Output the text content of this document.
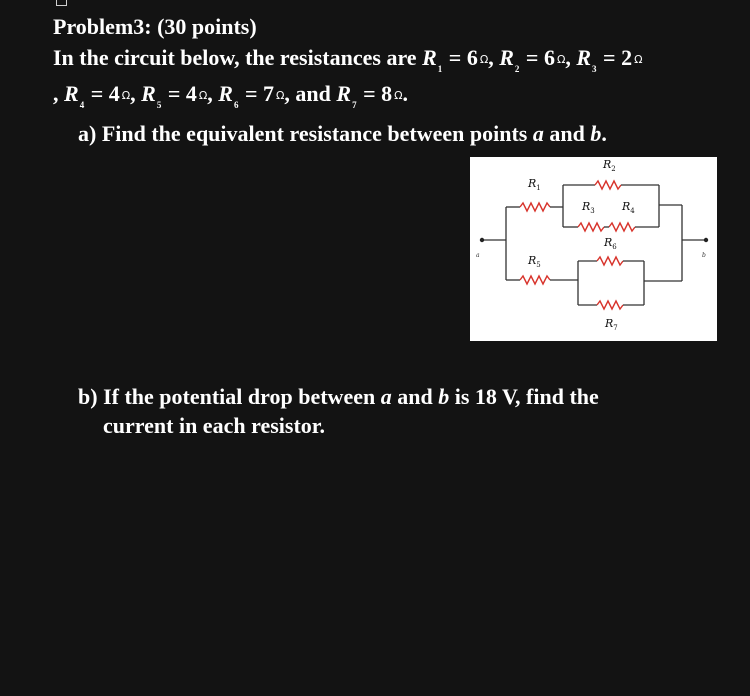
Problem3: (30 points)
In the circuit below, the resistances are $R_1 = 6$ Ω, $R_2 = 6$ Ω, $R_3 = 2$ Ω
, $R_4 = 4$ Ω, $R_5 = 4$ Ω, $R_6 = 7$ Ω, and $R_7 = 8$ Ω.
a) Find the equivalent resistance between points a and b.
a	b
$R_1$
$R_2$
$R_3$ $R_4$
$R_5$
$R_6$
$R_7$
b) If the potential drop between a and b is 18 V, find the
current in each resistor.
